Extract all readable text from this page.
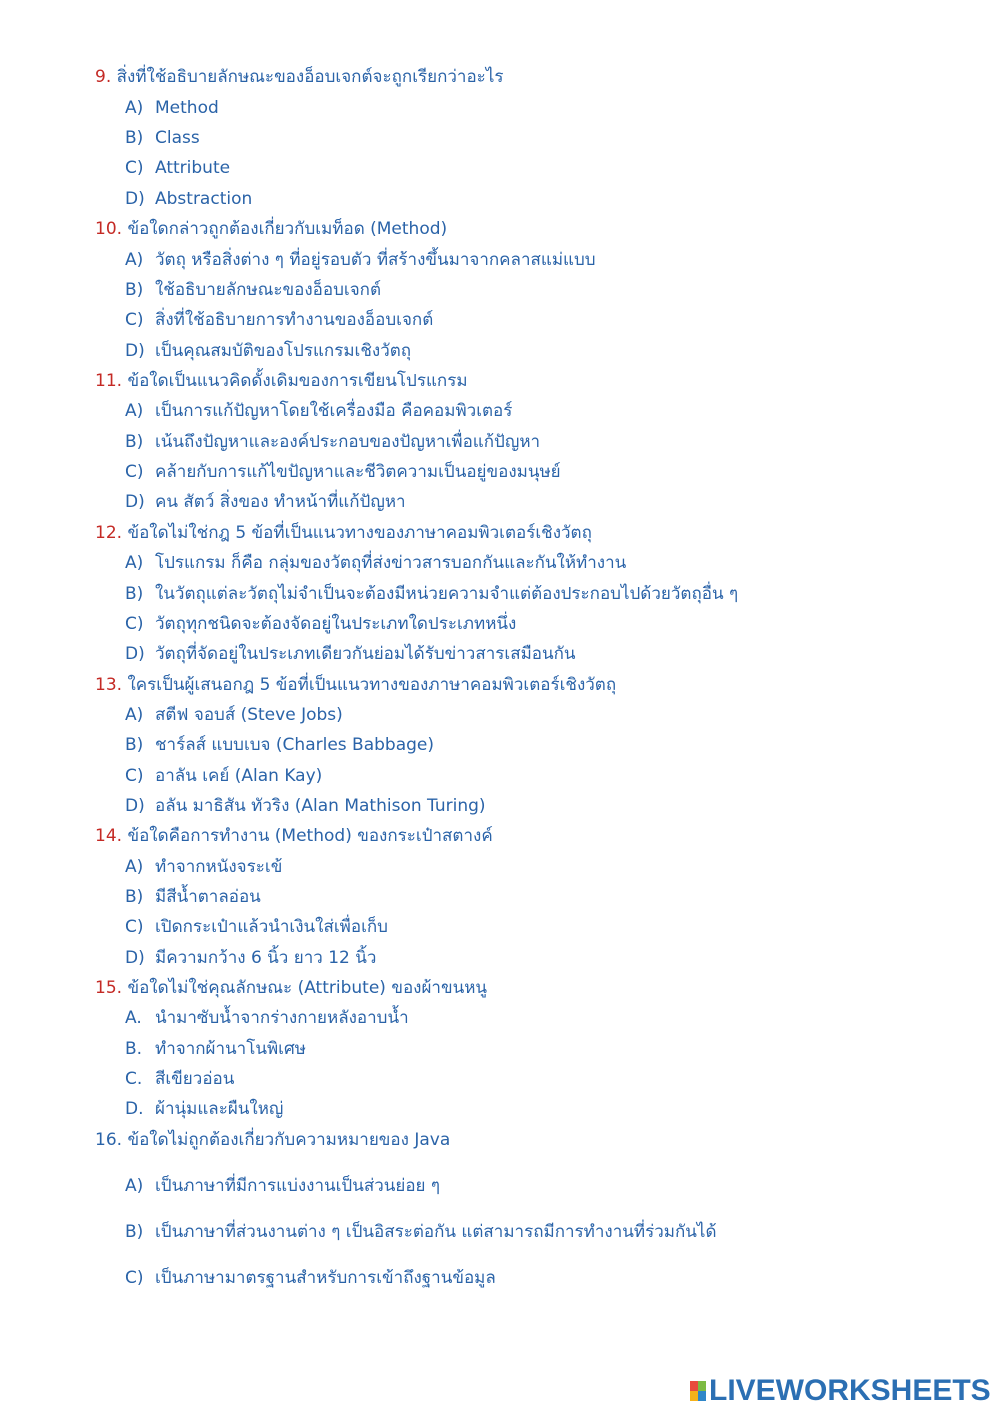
9. สิ่งที่ใช้อธิบายลักษณะของอ็อบเจกต์จะถูกเรียกว่าอะไร
A) Method
B) Class
C) Attribute
D) Abstraction
10. ข้อใดกล่าวถูกต้องเกี่ยวกับเมท็อด (Method)
A) วัตถุ หรือสิ่งต่าง ๆ ที่อยู่รอบตัว ที่สร้างขึ้นมาจากคลาสแม่แบบ
B) ใช้อธิบายลักษณะของอ็อบเจกต์
C) สิ่งที่ใช้อธิบายการทำงานของอ็อบเจกต์
D) เป็นคุณสมบัติของโปรแกรมเชิงวัตถุ
11. ข้อใดเป็นแนวคิดดั้งเดิมของการเขียนโปรแกรม
A) เป็นการแก้ปัญหาโดยใช้เครื่องมือ คือคอมพิวเตอร์
B) เน้นถึงปัญหาและองค์ประกอบของปัญหาเพื่อแก้ปัญหา
C) คล้ายกับการแก้ไขปัญหาและชีวิตความเป็นอยู่ของมนุษย์
D) คน สัตว์ สิ่งของ ทำหน้าที่แก้ปัญหา
12. ข้อใดไม่ใช่กฎ 5 ข้อที่เป็นแนวทางของภาษาคอมพิวเตอร์เชิงวัตถุ
A) โปรแกรม ก็คือ กลุ่มของวัตถุที่ส่งข่าวสารบอกกันและกันให้ทำงาน
B) ในวัตถุแต่ละวัตถุไม่จำเป็นจะต้องมีหน่วยความจำแต่ต้องประกอบไปด้วยวัตถุอื่น ๆ
C) วัตถุทุกชนิดจะต้องจัดอยู่ในประเภทใดประเภทหนึ่ง
D) วัตถุที่จัดอยู่ในประเภทเดียวกันย่อมได้รับข่าวสารเสมือนกัน
13. ใครเป็นผู้เสนอกฎ 5 ข้อที่เป็นแนวทางของภาษาคอมพิวเตอร์เชิงวัตถุ
A) สตีฟ จอบส์ (Steve Jobs)
B) ชาร์ลส์ แบบเบจ (Charles Babbage)
C) อาลัน เคย์ (Alan Kay)
D) อลัน มาธิสัน ทัวริง (Alan Mathison Turing)
14. ข้อใดคือการทำงาน (Method) ของกระเป๋าสตางค์
A) ทำจากหนังจระเข้
B) มีสีน้ำตาลอ่อน
C) เปิดกระเป๋าแล้วนำเงินใส่เพื่อเก็บ
D) มีความกว้าง 6 นิ้ว ยาว 12 นิ้ว
15. ข้อใดไม่ใช่คุณลักษณะ (Attribute) ของผ้าขนหนู
A. นำมาซับน้ำจากร่างกายหลังอาบน้ำ
B. ทำจากผ้านาโนพิเศษ
C. สีเขียวอ่อน
D. ผ้านุ่มและผืนใหญ่
16. ข้อใดไม่ถูกต้องเกี่ยวกับความหมายของ Java
A) เป็นภาษาที่มีการแบ่งงานเป็นส่วนย่อย ๆ
B) เป็นภาษาที่ส่วนงานต่าง ๆ เป็นอิสระต่อกัน แต่สามารถมีการทำงานที่ร่วมกันได้
C) เป็นภาษามาตรฐานสำหรับการเข้าถึงฐานข้อมูล
LIVEWORKSHEETS
